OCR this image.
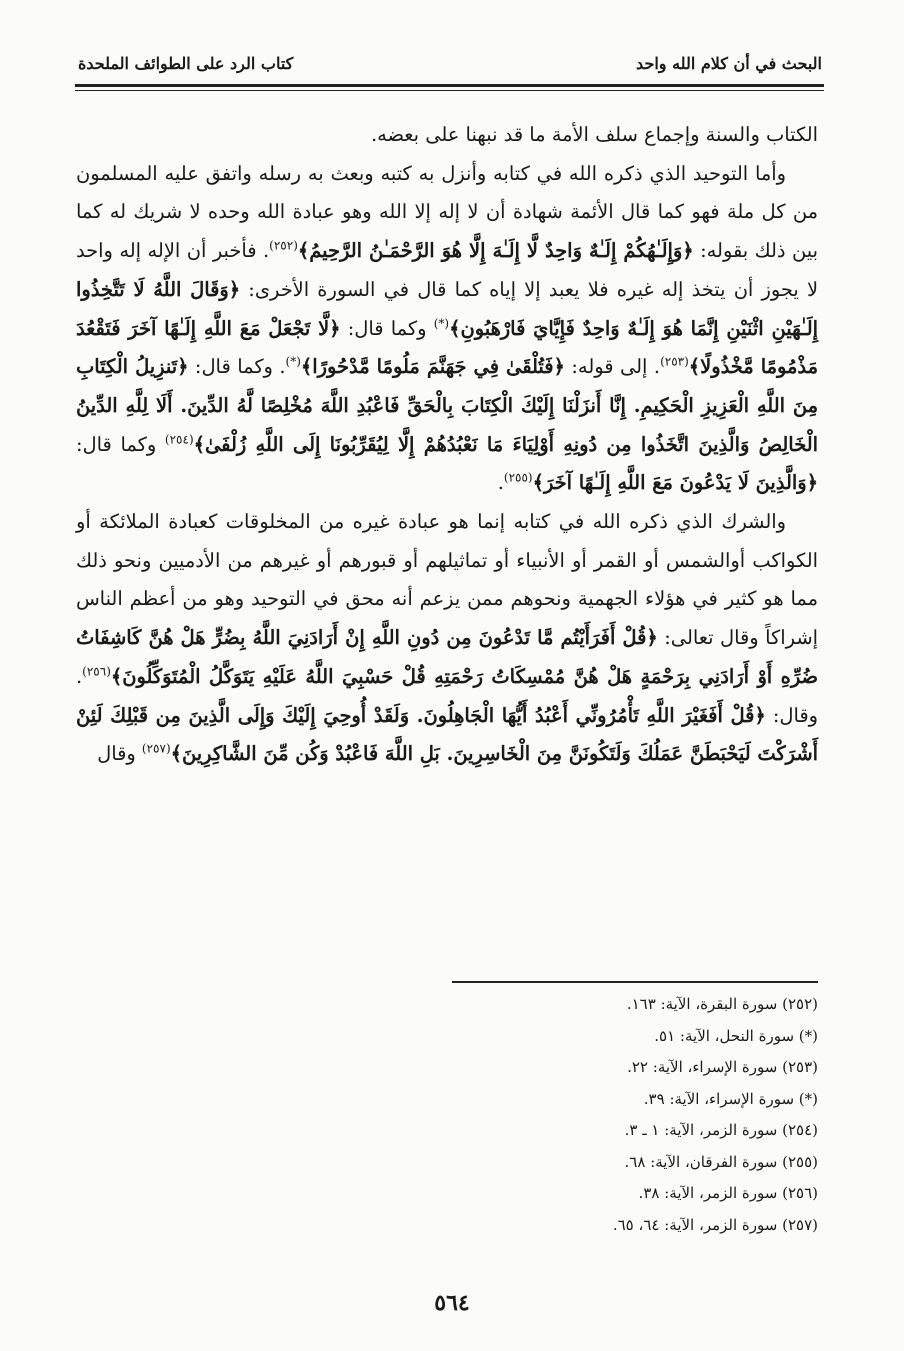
البحث في أن كلام الله واحد
كتاب الرد على الطوائف الملحدة

الكتاب والسنة وإجماع سلف الأمة ما قد نبهنا على بعضه.

وأما التوحيد الذي ذكره الله في كتابه وأنزل به كتبه وبعث به رسله واتفق عليه المسلمون من كل ملة فهو كما قال الأئمة شهادة أن لا إله إلا الله وهو عبادة الله وحده لا شريك له كما بين ذلك بقوله: ﴿وَإِلَـٰهُكُمْ إِلَـٰهٌ وَاحِدٌ لَّا إِلَـٰهَ إِلَّا هُوَ الرَّحْمَـٰنُ الرَّحِيمُ﴾$^{(٢٥٢)}$. فأخبر أن الإله إله واحد لا يجوز أن يتخذ إله غيره فلا يعبد إلا إياه كما قال في السورة الأخرى: ﴿وَقَالَ اللَّهُ لَا تَتَّخِذُوا إِلَـٰهَيْنِ اثْنَيْنِ إِنَّمَا هُوَ إِلَـٰهٌ وَاحِدٌ فَإِيَّايَ فَارْهَبُونِ﴾(*) وكما قال: ﴿لَّا تَجْعَلْ مَعَ اللَّهِ إِلَـٰهًا آخَرَ فَتَقْعُدَ مَذْمُومًا مَّخْذُولًا﴾$^{(٢٥٣)}$. إلى قوله: ﴿فَتُلْقَىٰ فِي جَهَنَّمَ مَلُومًا مَّدْحُورًا﴾(*). وكما قال: ﴿تَنزِيلُ الْكِتَابِ مِنَ اللَّهِ الْعَزِيزِ الْحَكِيمِ. إِنَّا أَنزَلْنَا إِلَيْكَ الْكِتَابَ بِالْحَقِّ فَاعْبُدِ اللَّهَ مُخْلِصًا لَّهُ الدِّينَ. أَلَا لِلَّهِ الدِّينُ الْخَالِصُ وَالَّذِينَ اتَّخَذُوا مِن دُونِهِ أَوْلِيَاءَ مَا نَعْبُدُهُمْ إِلَّا لِيُقَرِّبُونَا إِلَى اللَّهِ زُلْفَىٰ﴾$^{(٢٥٤)}$ وكما قال: ﴿وَالَّذِينَ لَا يَدْعُونَ مَعَ اللَّهِ إِلَـٰهًا آخَرَ﴾$^{(٢٥٥)}$.

والشرك الذي ذكره الله في كتابه إنما هو عبادة غيره من المخلوقات كعبادة الملائكة أو الكواكب أوالشمس أو القمر أو الأنبياء أو تماثيلهم أو قبورهم أو غيرهم من الأدميين ونحو ذلك مما هو كثير في هؤلاء الجهمية ونحوهم ممن يزعم أنه محق في التوحيد وهو من أعظم الناس إشراكاً وقال تعالى: ﴿قُلْ أَفَرَأَيْتُم مَّا تَدْعُونَ مِن دُونِ اللَّهِ إِنْ أَرَادَنِيَ اللَّهُ بِضُرٍّ هَلْ هُنَّ كَاشِفَاتُ ضُرِّهِ أَوْ أَرَادَنِي بِرَحْمَةٍ هَلْ هُنَّ مُمْسِكَاتُ رَحْمَتِهِ قُلْ حَسْبِيَ اللَّهُ عَلَيْهِ يَتَوَكَّلُ الْمُتَوَكِّلُونَ﴾$^{(٢٥٦)}$. وقال: ﴿قُلْ أَفَغَيْرَ اللَّهِ تَأْمُرُونِّي أَعْبُدُ أَيُّهَا الْجَاهِلُونَ. وَلَقَدْ أُوحِيَ إِلَيْكَ وَإِلَى الَّذِينَ مِن قَبْلِكَ لَئِنْ أَشْرَكْتَ لَيَحْبَطَنَّ عَمَلُكَ وَلَتَكُونَنَّ مِنَ الْخَاسِرِينَ. بَلِ اللَّهَ فَاعْبُدْ وَكُن مِّنَ الشَّاكِرِينَ﴾$^{(٢٥٧)}$ وقال

(٢٥٢) سورة البقرة، الآية: ١٦٣.
(*) سورة النحل، الآية: ٥١.
(٢٥٣) سورة الإسراء، الآية: ٢٢.
(*) سورة الإسراء، الآية: ٣٩.
(٢٥٤) سورة الزمر، الآية: ١ ـ ٣.
(٢٥٥) سورة الفرقان، الآية: ٦٨.
(٢٥٦) سورة الزمر، الآية: ٣٨.
(٢٥٧) سورة الزمر، الآية: ٦٤، ٦٥.
٥٦٤
